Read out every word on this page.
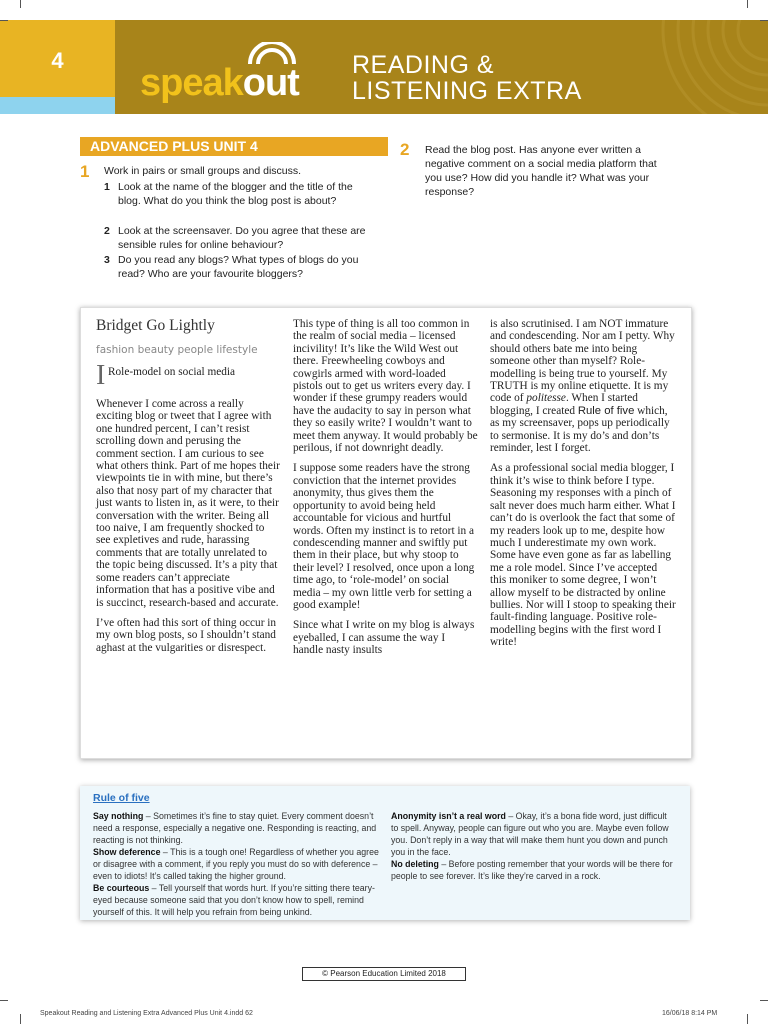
4
speakout READING &
LISTENING EXTRA
ADVANCED PLUS UNIT 4
1 Work in pairs or small groups and discuss.
1 Look at the name of the blogger and the title of the blog. What do you think the blog post is about?
2 Look at the screensaver. Do you agree that these are sensible rules for online behaviour?
3 Do you read any blogs? What types of blogs do you read? Who are your favourite bloggers?
2 Read the blog post. Has anyone ever written a negative comment on a social media platform that you use? How did you handle it? What was your response?
Bridget Go Lightly
fashion beauty people lifestyle
I Role-model on social media

Whenever I come across a really exciting blog or tweet that I agree with one hundred percent, I can’t resist scrolling down and perusing the comment section. I am curious to see what others think. Part of me hopes their viewpoints tie in with mine, but there’s also that nosy part of my character that just wants to listen in, as it were, to their conversation with the writer. Being all too naive, I am frequently shocked to see expletives and rude, harassing comments that are totally unrelated to the topic being discussed. It’s a pity that some readers can’t appreciate information that has a positive vibe and is succinct, research-based and accurate.

I’ve often had this sort of thing occur in my own blog posts, so I shouldn’t stand aghast at the vulgarities or disrespect.

This type of thing is all too common in the realm of social media – licensed incivility! It’s like the Wild West out there. Freewheeling cowboys and cowgirls armed with word-loaded pistols out to get us writers every day. I wonder if these grumpy readers would have the audacity to say in person what they so easily write? I wouldn’t want to meet them anyway. It would probably be perilous, if not downright deadly.

I suppose some readers have the strong conviction that the internet provides anonymity, thus gives them the opportunity to avoid being held accountable for vicious and hurtful words. Often my instinct is to retort in a condescending manner and swiftly put them in their place, but why stoop to their level? I resolved, once upon a long time ago, to ‘role-model’ on social media – my own little verb for setting a good example!

Since what I write on my blog is always eyeballed, I can assume the way I handle nasty insults

is also scrutinised. I am NOT immature and condescending. Nor am I petty. Why should others bate me into being someone other than myself? Role-modelling is being true to yourself. My TRUTH is my online etiquette. It is my code of politesse. When I started blogging, I created Rule of five which, as my screensaver, pops up periodically to sermonise. It is my do’s and don’ts reminder, lest I forget.

As a professional social media blogger, I think it’s wise to think before I type. Seasoning my responses with a pinch of salt never does much harm either. What I can’t do is overlook the fact that some of my readers look up to me, despite how much I underestimate my own work. Some have even gone as far as labelling me a role model. Since I’ve accepted this moniker to some degree, I won’t allow myself to be distracted by online bullies. Nor will I stoop to speaking their fault-finding language. Positive role-modelling begins with the first word I write!

Rule of five

Say nothing – Sometimes it’s fine to stay quiet. Every comment doesn’t need a response, especially a negative one. Responding is reacting, and reacting is not thinking.

Show deference – This is a tough one! Regardless of whether you agree or disagree with a comment, if you reply you must do so with deference – even to idiots! It’s called taking the higher ground.

Be courteous – Tell yourself that words hurt. If you’re sitting there teary-eyed because someone said that you don’t know how to spell, remind yourself of this. It will help you refrain from being unkind.

Anonymity isn’t a real word – Okay, it’s a bona fide word, just difficult to spell. Anyway, people can figure out who you are. Maybe even follow you. Don’t reply in a way that will make them hunt you down and punch you in the face.

No deleting – Before posting remember that your words will be there for people to see forever. It’s like they’re carved in a rock.

© Pearson Education Limited 2018
Speakout Reading and Listening Extra Advanced Plus Unit 4.indd 62	16/06/18 8:14 PM
